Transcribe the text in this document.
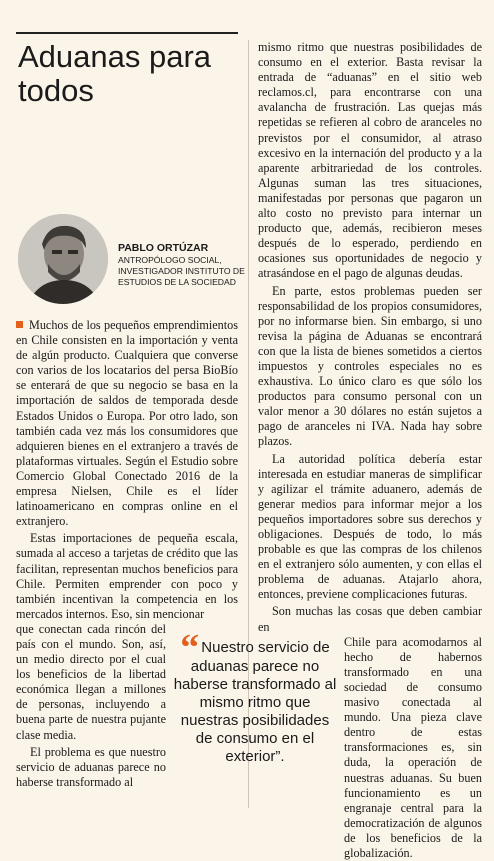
Aduanas para todos
PABLO ORTÚZAR
ANTROPÓLOGO SOCIAL, INVESTIGADOR INSTITUTO DE ESTUDIOS DE LA SOCIEDAD

Muchos de los pequeños emprendimientos en Chile consisten en la importación y venta de algún producto. Cualquiera que converse con varios de los locatarios del persa BioBío se enterará de que su negocio se basa en la importación de saldos de temporada desde Estados Unidos o Europa. Por otro lado, son también cada vez más los consumidores que adquieren bienes en el extranjero a través de plataformas virtuales. Según el Estudio sobre Comercio Global Conectado 2016 de la empresa Nielsen, Chile es el líder latinoamericano en compras online en el extranjero.

Estas importaciones de pequeña escala, sumada al acceso a tarjetas de crédito que las facilitan, representan muchos beneficios para Chile. Permiten emprender con poco y también incentivan la competencia en los mercados internos. Eso, sin mencionar

que conectan cada rincón del país con el mundo. Son, así, un medio directo por el cual los beneficios de la libertad económica llegan a millones de personas, incluyendo a buena parte de nuestra pujante clase media.

El problema es que nuestro servicio de aduanas parece no haberse transformado al

mismo ritmo que nuestras posibilidades de consumo en el exterior. Basta revisar la entrada de “aduanas” en el sitio web reclamos.cl, para encontrarse con una avalancha de frustración. Las quejas más repetidas se refieren al cobro de aranceles no previstos por el consumidor, al atraso excesivo en la internación del producto y a la aparente arbitrariedad de los controles. Algunas suman las tres situaciones, manifestadas por personas que pagaron un alto costo no previsto para internar un producto que, además, recibieron meses después de lo esperado, perdiendo en ocasiones sus oportunidades de negocio y atrasándose en el pago de algunas deudas.

En parte, estos problemas pueden ser responsabilidad de los propios consumidores, por no informarse bien. Sin embargo, si uno revisa la página de Aduanas se encontrará con que la lista de bienes sometidos a ciertos impuestos y controles especiales no es exhaustiva. Lo único claro es que sólo los productos para consumo personal con un valor menor a 30 dólares no están sujetos a pago de aranceles ni IVA. Nada hay sobre plazos.

La autoridad política debería estar interesada en estudiar maneras de simplificar y agilizar el trámite aduanero, además de generar medios para informar mejor a los pequeños importadores sobre sus derechos y obligaciones. Después de todo, lo más probable es que las compras de los chilenos en el extranjero sólo aumenten, y con ellas el problema de aduanas. Atajarlo ahora, entonces, previene complicaciones futuras.

Son muchas las cosas que deben cambiar en

Chile para acomodarnos al hecho de habernos transformado en una sociedad de consumo masivo conectada al mundo. Una pieza clave dentro de estas transformaciones es, sin duda, la operación de nuestras aduanas. Su buen funcionamiento es un engranaje central para la democratización de algunos de los beneficios de la globalización.

“ Nuestro servicio de aduanas parece no haberse transformado al mismo ritmo que nuestras posibilidades de consumo en el exterior”.
